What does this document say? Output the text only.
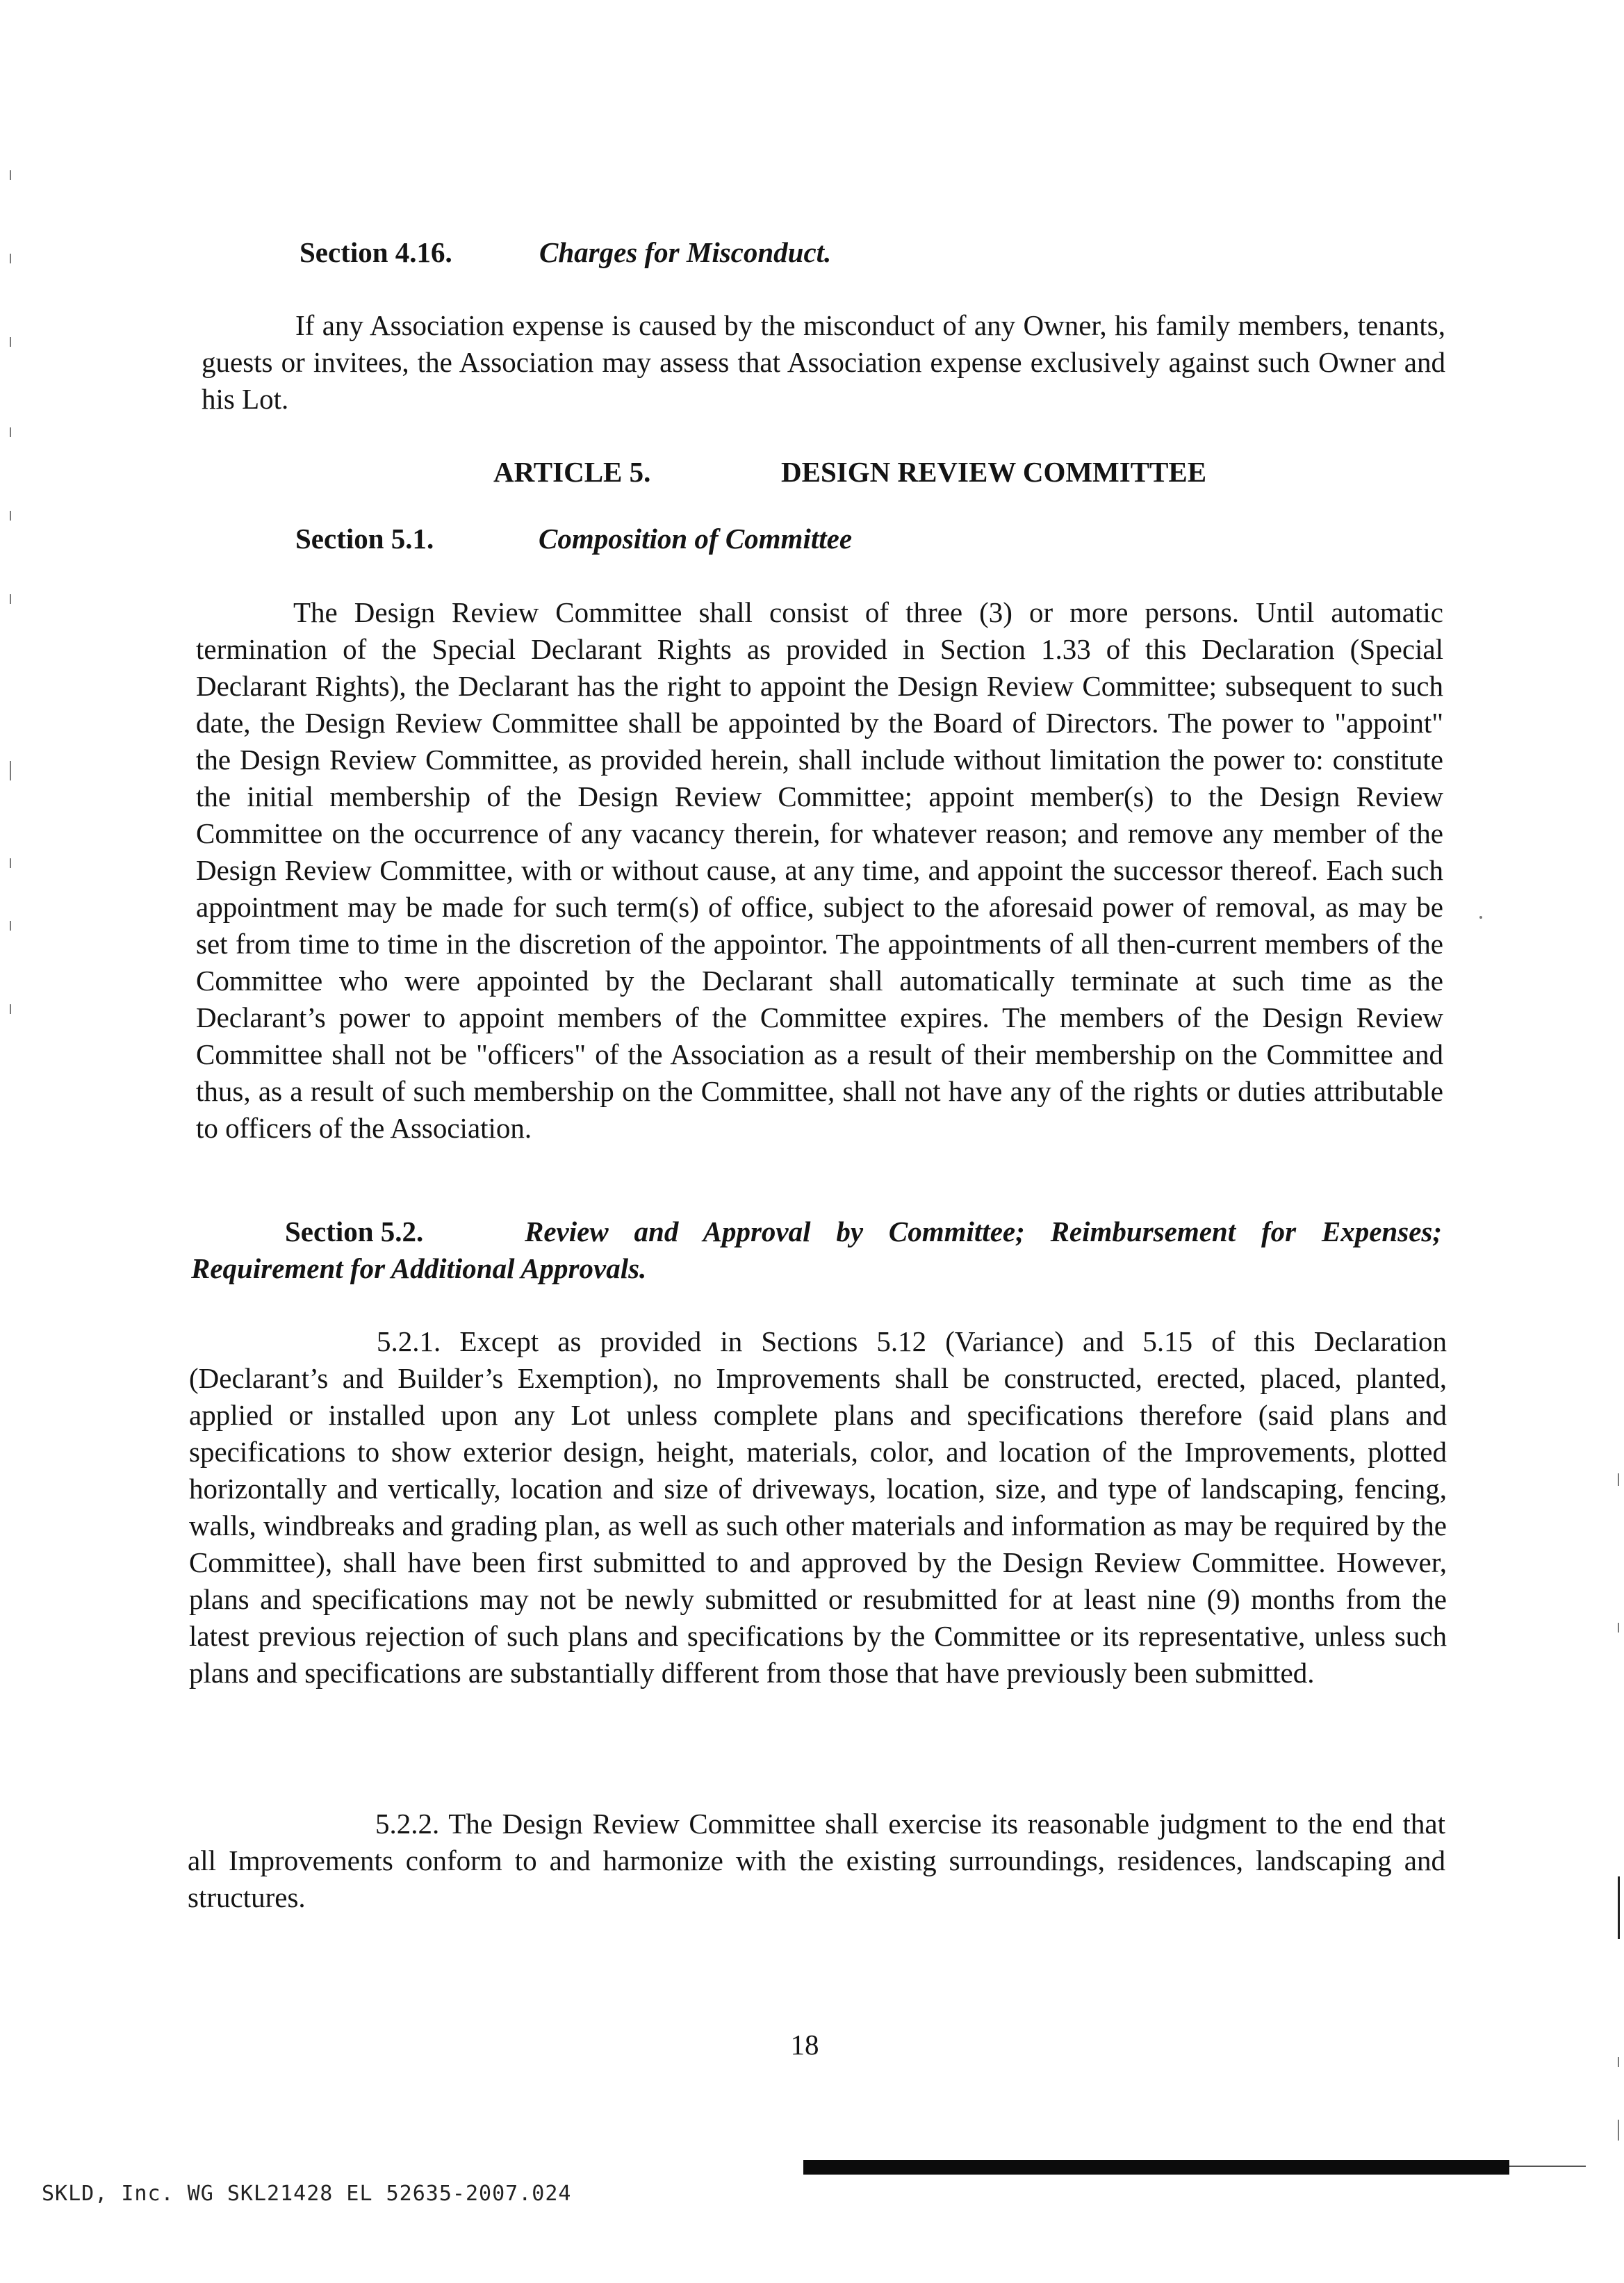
Section 4.16.	Charges for Misconduct.

If any Association expense is caused by the misconduct of any Owner, his family members, tenants, guests or invitees, the Association may assess that Association expense exclusively against such Owner and his Lot.

ARTICLE 5.	DESIGN REVIEW COMMITTEE
Section 5.1.	Composition of Committee

The Design Review Committee shall consist of three (3) or more persons. Until automatic termination of the Special Declarant Rights as provided in Section 1.33 of this Declaration (Special Declarant Rights), the Declarant has the right to appoint the Design Review Committee; subsequent to such date, the Design Review Committee shall be appointed by the Board of Directors. The power to "appoint" the Design Review Committee, as provided herein, shall include without limitation the power to: constitute the initial membership of the Design Review Committee; appoint member(s) to the Design Review Committee on the occurrence of any vacancy therein, for whatever reason; and remove any member of the Design Review Committee, with or without cause, at any time, and appoint the successor thereof. Each such appointment may be made for such term(s) of office, subject to the aforesaid power of removal, as may be set from time to time in the discretion of the appointor. The appointments of all then-current members of the Committee who were appointed by the Declarant shall automatically terminate at such time as the Declarant’s power to appoint members of the Committee expires. The members of the Design Review Committee shall not be "officers" of the Association as a result of their membership on the Committee and thus, as a result of such membership on the Committee, shall not have any of the rights or duties attributable to officers of the Association.

Section 5.2.	Review and Approval by Committee; Reimbursement for Expenses; Requirement for Additional Approvals.

5.2.1. Except as provided in Sections 5.12 (Variance) and 5.15 of this Declaration (Declarant’s and Builder’s Exemption), no Improvements shall be constructed, erected, placed, planted, applied or installed upon any Lot unless complete plans and specifications therefore (said plans and specifications to show exterior design, height, materials, color, and location of the Improvements, plotted horizontally and vertically, location and size of driveways, location, size, and type of landscaping, fencing, walls, windbreaks and grading plan, as well as such other materials and information as may be required by the Committee), shall have been first submitted to and approved by the Design Review Committee. However, plans and specifications may not be newly submitted or resubmitted for at least nine (9) months from the latest previous rejection of such plans and specifications by the Committee or its representative, unless such plans and specifications are substantially different from those that have previously been submitted.

5.2.2. The Design Review Committee shall exercise its reasonable judgment to the end that all Improvements conform to and harmonize with the existing surroundings, residences, landscaping and structures.

18
SKLD, Inc. WG SKL21428 EL 52635-2007.024
